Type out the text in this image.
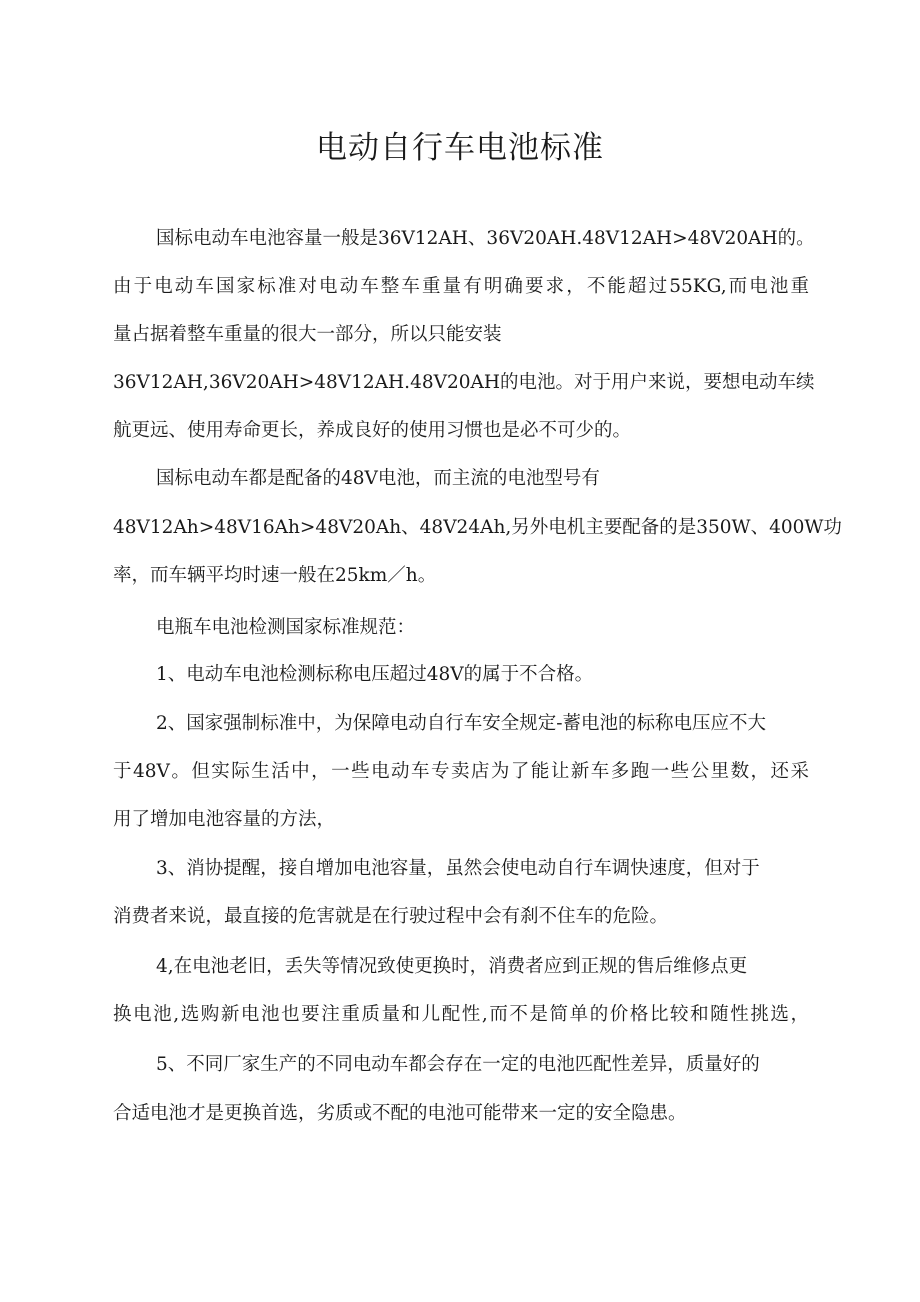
电动自行车电池标准

国标电动车电池容量一般是36V12AH、36V20AH.48V12AH>48V20AH的。

由于电动车国家标准对电动车整车重量有明确要求，不能超过55KG,而电池重

量占据着整车重量的很大一部分，所以只能安装

36V12AH,36V20AH>48V12AH.48V20AH的电池。对于用户来说，要想电动车续

航更远、使用寿命更长，养成良好的使用习惯也是必不可少的。

国标电动车都是配备的48V电池，而主流的电池型号有

48V12Ah>48V16Ah>48V20Ah、48V24Ah,另外电机主要配备的是350W、400W功

率，而车辆平均时速一般在25km／h。

电瓶车电池检测国家标准规范：

1、电动车电池检测标称电压超过48V的属于不合格。

2、国家强制标准中，为保障电动自行车安全规定-蓄电池的标称电压应不大

于48V。但实际生活中，一些电动车专卖店为了能让新车多跑一些公里数，还采

用了增加电池容量的方法，

3、消协提醒，接自增加电池容量，虽然会使电动自行车调快速度，但对于

消费者来说，最直接的危害就是在行驶过程中会有刹不住车的危险。

4,在电池老旧，丢失等情况致使更换时，消费者应到正规的售后维修点更

换电池,选购新电池也要注重质量和儿配性,而不是简单的价格比较和随性挑选，

5、不同厂家生产的不同电动车都会存在一定的电池匹配性差异，质量好的

合适电池才是更换首选，劣质或不配的电池可能带来一定的安全隐患。
